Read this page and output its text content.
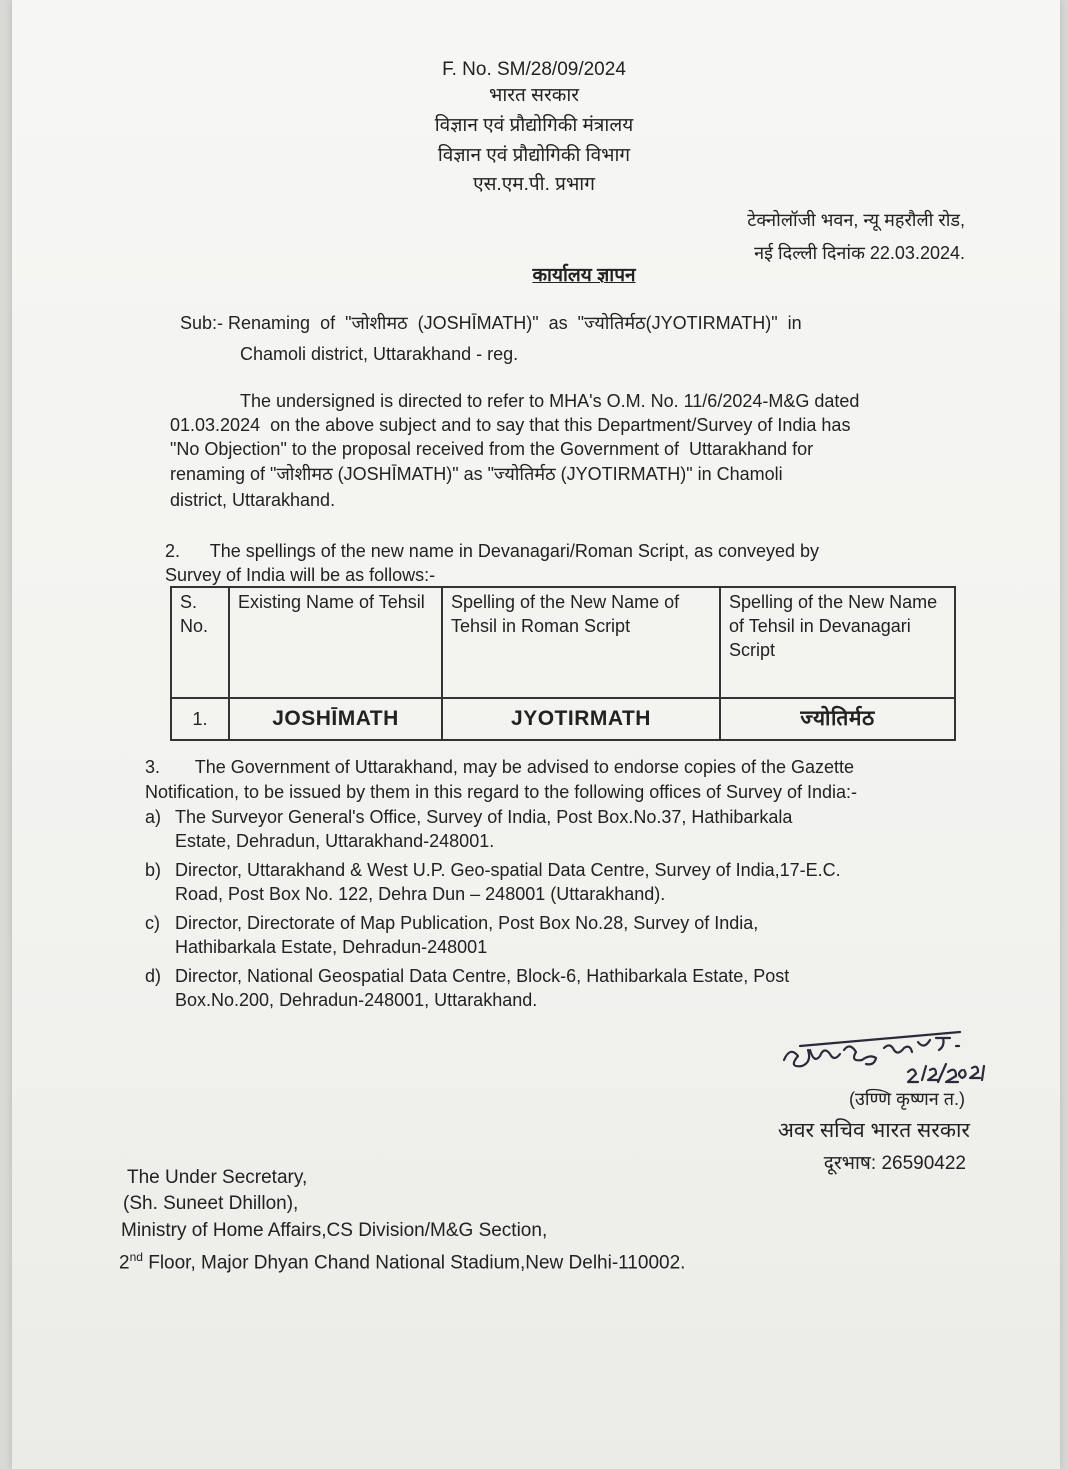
F. No. SM/28/09/2024
भारत सरकार
विज्ञान एवं प्रौद्योगिकी मंत्रालय
विज्ञान एवं प्रौद्योगिकी विभाग
एस.एम.पी. प्रभाग
टेक्नोलॉजी भवन, न्यू महरौली रोड,
नई दिल्ली दिनांक 22.03.2024.
कार्यालय ज्ञापन
Sub:- Renaming  of  "जोशीमठ  (JOSHĪMATH)"  as  "ज्योतिर्मठ(JYOTIRMATH)"  in
Chamoli district, Uttarakhand - reg.
The undersigned is directed to refer to MHA's O.M. No. 11/6/2024-M&G dated
01.03.2024  on the above subject and to say that this Department/Survey of India has
"No Objection" to the proposal received from the Government of  Uttarakhand for
renaming of "जोशीमठ (JOSHĪMATH)" as "ज्योतिर्मठ (JYOTIRMATH)" in Chamoli
district, Uttarakhand.
2.      The spellings of the new name in Devanagari/Roman Script, as conveyed by
Survey of India will be as follows:-
S. No.	Existing Name of Tehsil	Spelling of the New Name of Tehsil in Roman Script	Spelling of the New Name of Tehsil in Devanagari Script
1.	JOSHĪMATH	JYOTIRMATH	ज्योतिर्मठ
3.       The Government of Uttarakhand, may be advised to endorse copies of the Gazette
Notification, to be issued by them in this regard to the following offices of Survey of India:-
a) The Surveyor General's Office, Survey of India, Post Box.No.37, Hathibarkala
Estate, Dehradun, Uttarakhand-248001.
b) Director, Uttarakhand & West U.P. Geo-spatial Data Centre, Survey of India,17-E.C.
Road, Post Box No. 122, Dehra Dun – 248001 (Uttarakhand).
c) Director, Directorate of Map Publication, Post Box No.28, Survey of India,
Hathibarkala Estate, Dehradun-248001
d) Director, National Geospatial Data Centre, Block-6, Hathibarkala Estate, Post
Box.No.200, Dehradun-248001, Uttarakhand.
(उण्णि कृष्णन त.)
अवर सचिव भारत सरकार
दूरभाष: 26590422
The Under Secretary,
(Sh. Suneet Dhillon),
Ministry of Home Affairs,CS Division/M&G Section,
2nd Floor, Major Dhyan Chand National Stadium,New Delhi-110002.
